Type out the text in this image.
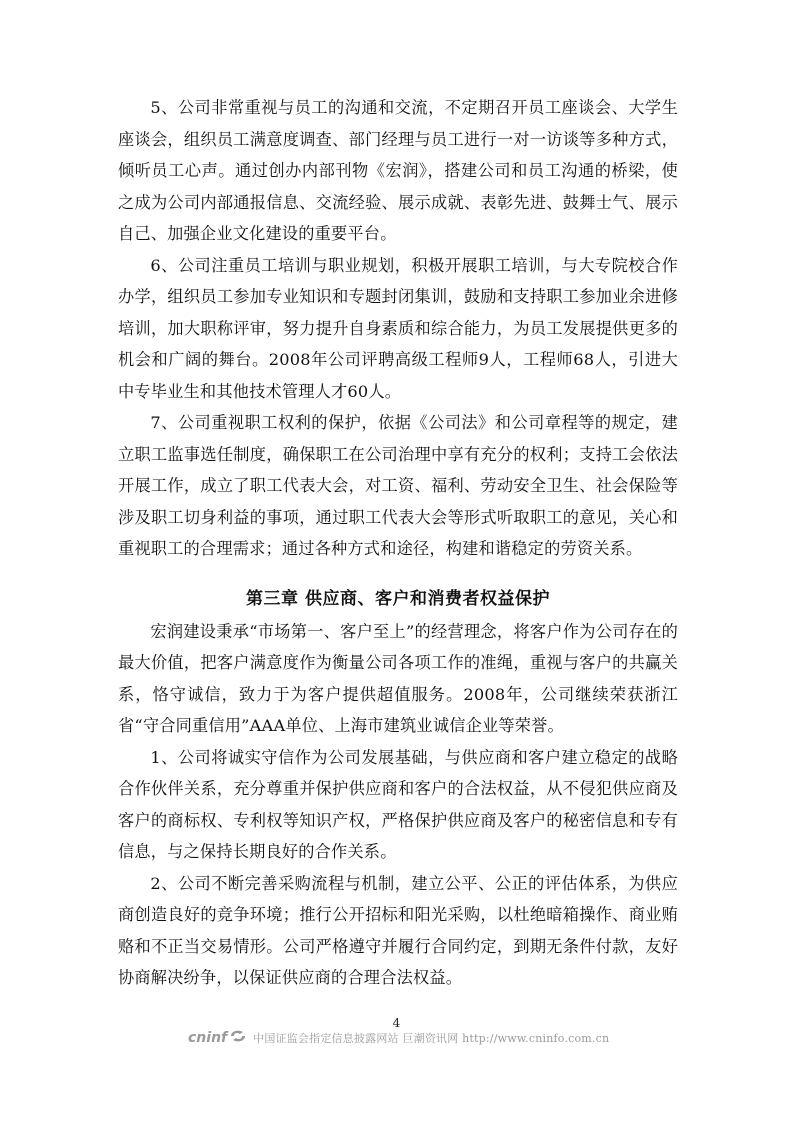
5、公司非常重视与员工的沟通和交流，不定期召开员工座谈会、大学生座谈会，组织员工满意度调查、部门经理与员工进行一对一访谈等多种方式，倾听员工心声。通过创办内部刊物《宏润》，搭建公司和员工沟通的桥梁，使之成为公司内部通报信息、交流经验、展示成就、表彰先进、鼓舞士气、展示自己、加强企业文化建设的重要平台。

6、公司注重员工培训与职业规划，积极开展职工培训，与大专院校合作办学，组织员工参加专业知识和专题封闭集训，鼓励和支持职工参加业余进修培训，加大职称评审，努力提升自身素质和综合能力，为员工发展提供更多的机会和广阔的舞台。2008年公司评聘高级工程师9人，工程师68人，引进大中专毕业生和其他技术管理人才60人。

7、公司重视职工权利的保护，依据《公司法》和公司章程等的规定，建立职工监事选任制度，确保职工在公司治理中享有充分的权利；支持工会依法开展工作，成立了职工代表大会，对工资、福利、劳动安全卫生、社会保险等涉及职工切身利益的事项，通过职工代表大会等形式听取职工的意见，关心和重视职工的合理需求；通过各种方式和途径，构建和谐稳定的劳资关系。

第三章 供应商、客户和消费者权益保护

宏润建设秉承“市场第一、客户至上”的经营理念，将客户作为公司存在的最大价值，把客户满意度作为衡量公司各项工作的准绳，重视与客户的共赢关系，恪守诚信，致力于为客户提供超值服务。2008年，公司继续荣获浙江省“守合同重信用”AAA单位、上海市建筑业诚信企业等荣誉。

1、公司将诚实守信作为公司发展基础，与供应商和客户建立稳定的战略合作伙伴关系，充分尊重并保护供应商和客户的合法权益，从不侵犯供应商及客户的商标权、专利权等知识产权，严格保护供应商及客户的秘密信息和专有信息，与之保持长期良好的合作关系。

2、公司不断完善采购流程与机制，建立公平、公正的评估体系，为供应商创造良好的竞争环境；推行公开招标和阳光采购，以杜绝暗箱操作、商业贿赂和不正当交易情形。公司严格遵守并履行合同约定，到期无条件付款，友好协商解决纷争，以保证供应商的合理合法权益。

4
cninf 中国证监会指定信息披露网站 巨潮资讯网 http://www.cninfo.com.cn
